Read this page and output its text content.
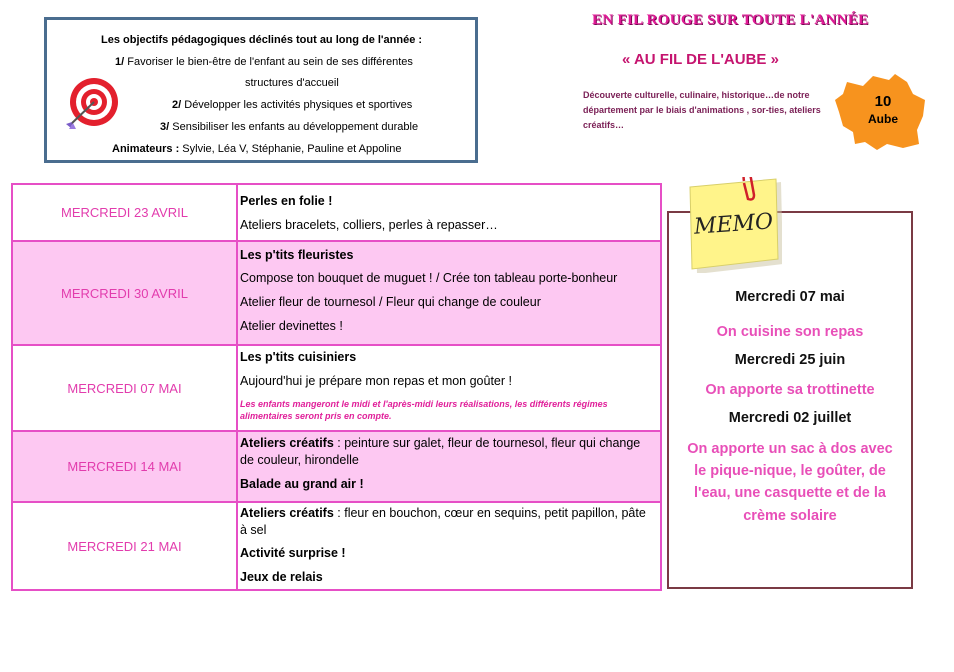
Les objectifs pédagogiques déclinés tout au long de l'année :
1/ Favoriser le bien-être de l'enfant au sein de ses différentes
structures d'accueil
2/ Développer les activités physiques et sportives
3/ Sensibiliser les enfants au développement durable
Animateurs : Sylvie, Léa V, Stéphanie, Pauline et Appoline
EN FIL ROUGE SUR TOUTE L'ANNÉE
« AU FIL DE L'AUBE »
Découverte culturelle, culinaire, historique…de notre département par le biais d'animations , sor-ties, ateliers créatifs…
10
Aube
MERCREDI 23 AVRIL
Perles en folie !
Ateliers bracelets, colliers, perles à repasser…
MERCREDI 30 AVRIL
Les p'tits fleuristes
Compose ton bouquet de muguet ! / Crée ton tableau porte-bonheur
Atelier fleur de tournesol / Fleur qui change de couleur
Atelier devinettes !
MERCREDI 07 MAI
Les p'tits cuisiniers
Aujourd'hui je prépare mon repas et mon goûter !
Les enfants mangeront le midi et l'après-midi leurs réalisations, les différents régimes alimentaires seront pris en compte.
MERCREDI 14 MAI
Ateliers créatifs : peinture sur galet, fleur de tournesol, fleur qui change
de couleur, hirondelle
Balade au grand air !
MERCREDI 21 MAI
Ateliers créatifs : fleur en bouchon, cœur en sequins, petit papillon, pâte
à sel
Activité surprise !
Jeux de relais
MEMO
Mercredi 07 mai
On cuisine son repas
Mercredi 25 juin
On apporte sa trottinette
Mercredi 02 juillet
On apporte un sac à dos avec
le pique-nique, le goûter, de
l'eau, une casquette et de la
crème solaire
